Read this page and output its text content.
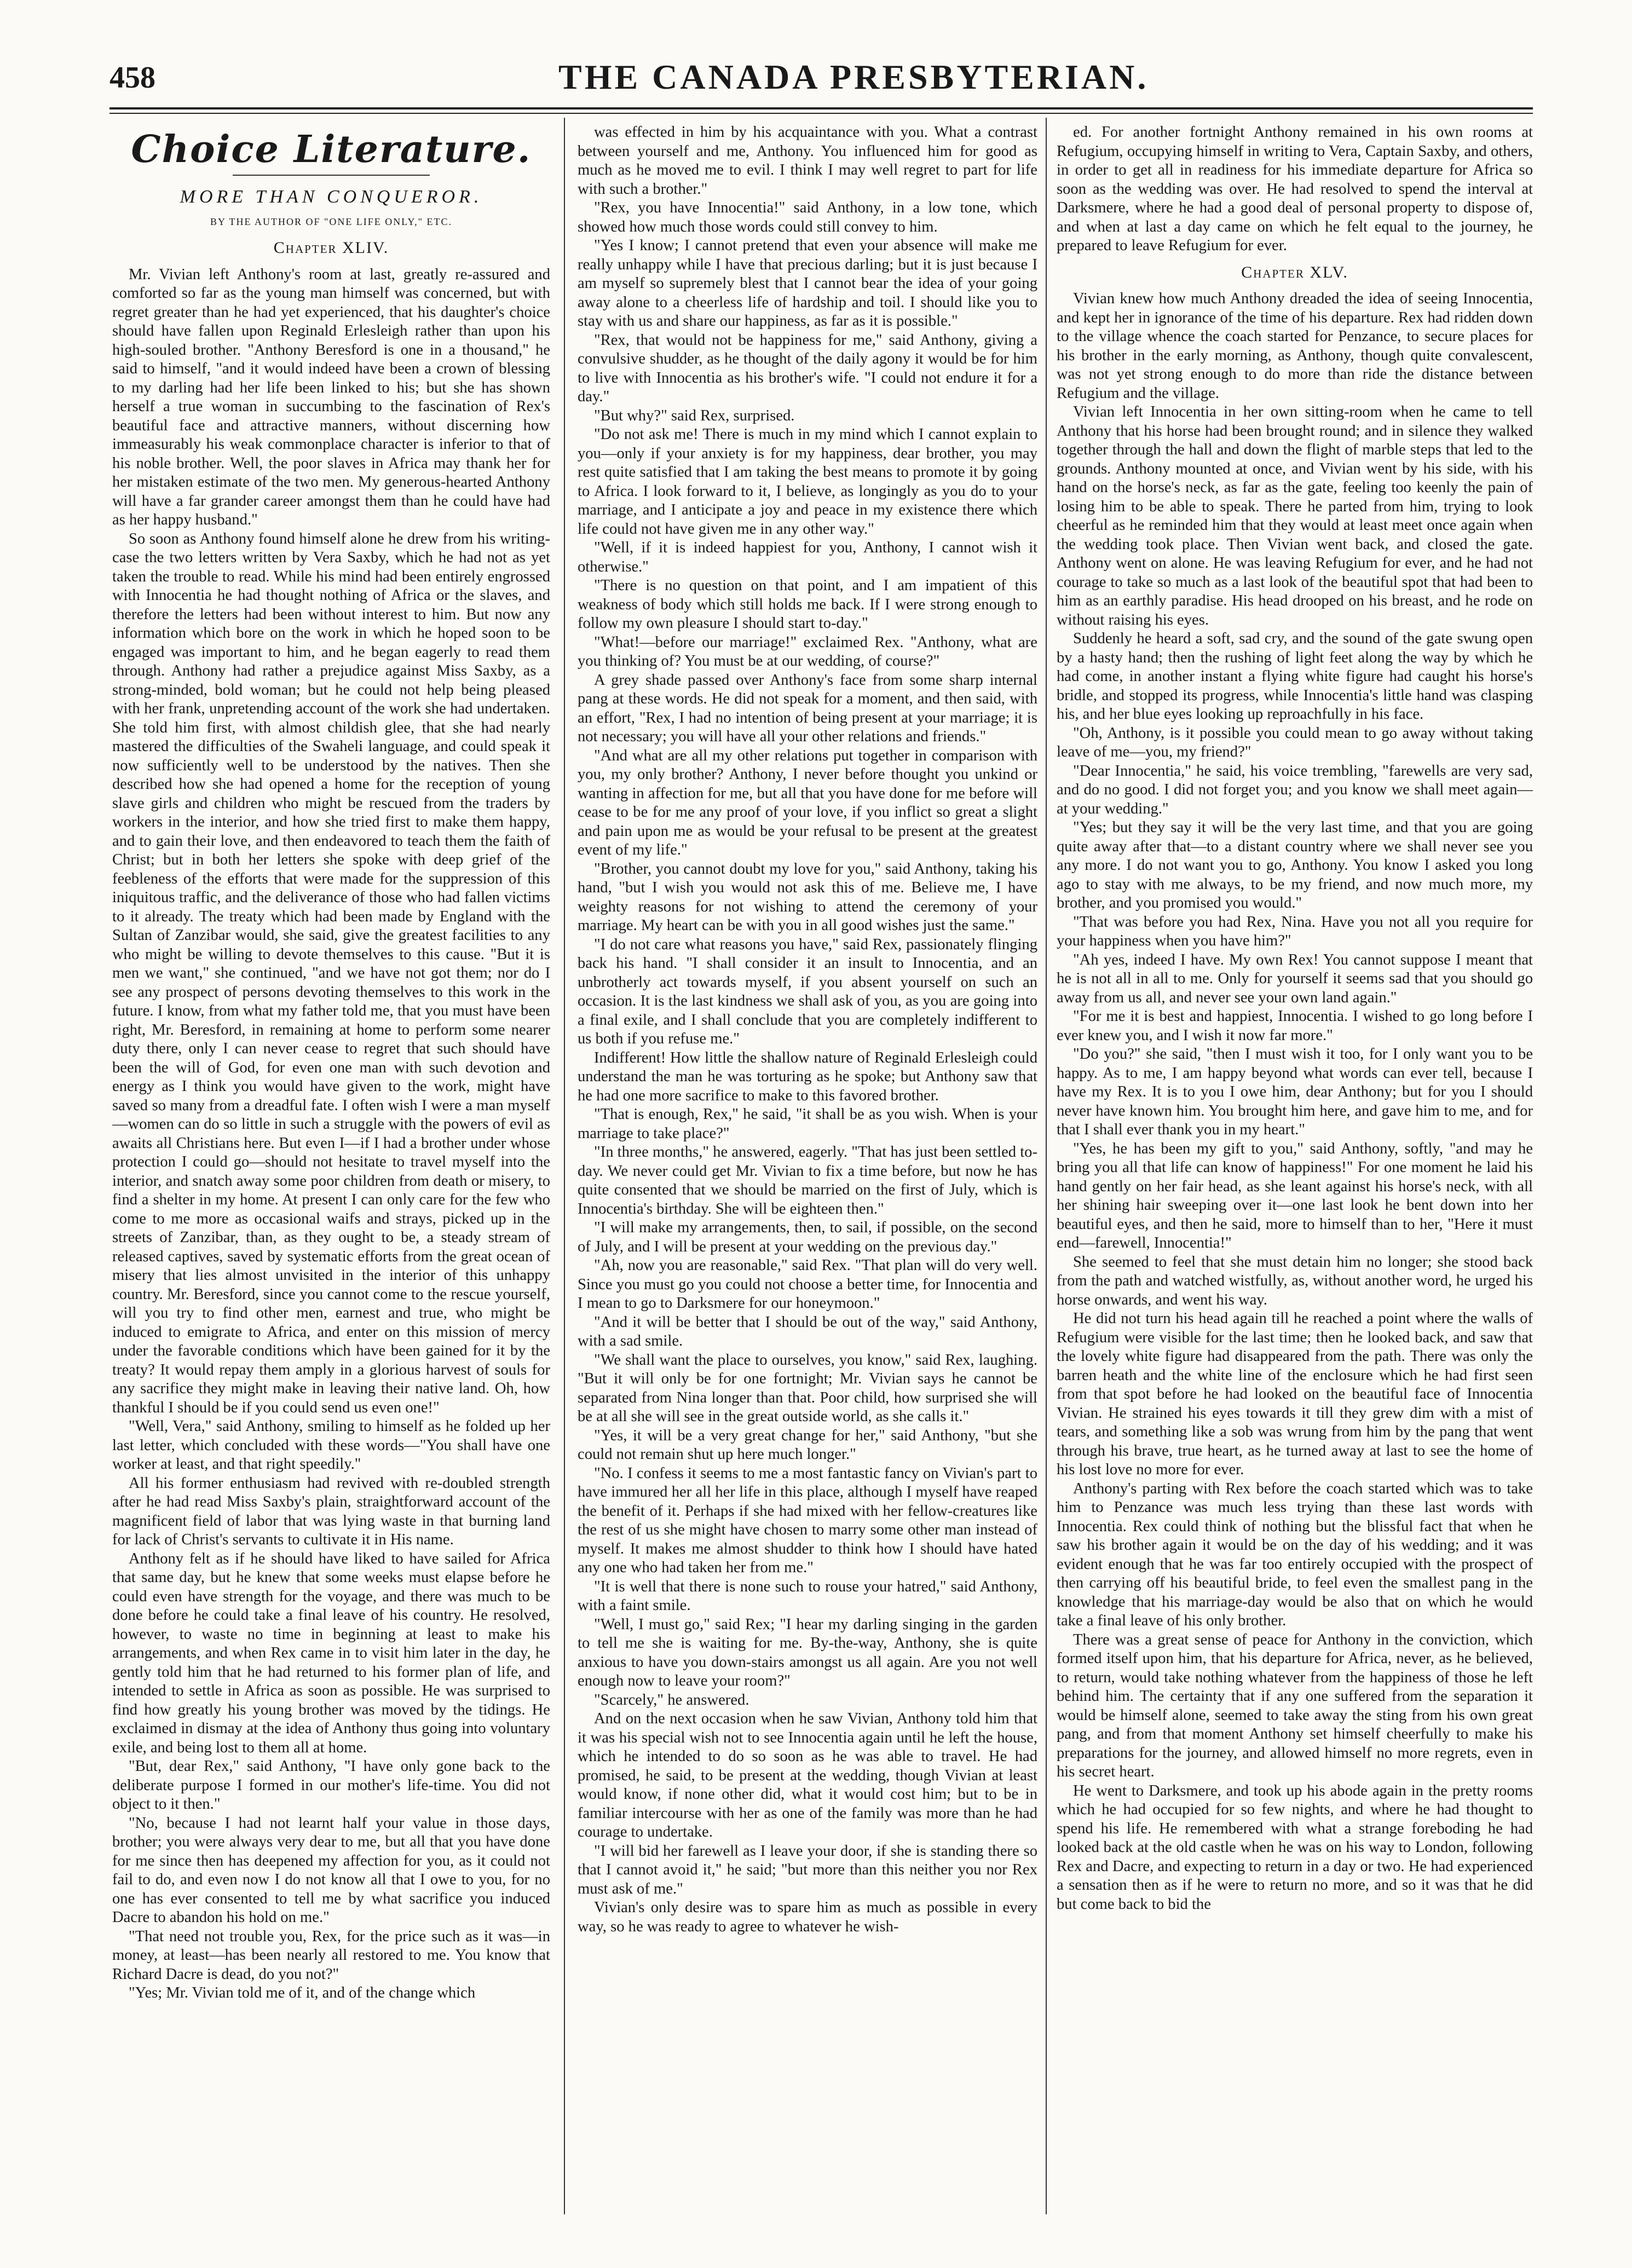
458	THE CANADA PRESBYTERIAN.
Choice Literature.
MORE THAN CONQUEROR.
BY THE AUTHOR OF "ONE LIFE ONLY," ETC.
Chapter XLIV.

Mr. Vivian left Anthony's room at last, greatly re-assured and comforted so far as the young man himself was concerned, but with regret greater than he had yet experienced, that his daughter's choice should have fallen upon Reginald Erlesleigh rather than upon his high-souled brother. "Anthony Beresford is one in a thousand," he said to himself, "and it would indeed have been a crown of blessing to my darling had her life been linked to his; but she has shown herself a true woman in succumbing to the fascination of Rex's beautiful face and attractive manners, without discerning how immeasurably his weak commonplace character is inferior to that of his noble brother. Well, the poor slaves in Africa may thank her for her mistaken estimate of the two men. My generous-hearted Anthony will have a far grander career amongst them than he could have had as her happy husband."

So soon as Anthony found himself alone he drew from his writing-case the two letters written by Vera Saxby, which he had not as yet taken the trouble to read. While his mind had been entirely engrossed with Innocentia he had thought nothing of Africa or the slaves, and therefore the letters had been without interest to him. But now any information which bore on the work in which he hoped soon to be engaged was important to him, and he began eagerly to read them through. Anthony had rather a prejudice against Miss Saxby, as a strong-minded, bold woman; but he could not help being pleased with her frank, unpretending account of the work she had undertaken. She told him first, with almost childish glee, that she had nearly mastered the difficulties of the Swaheli language, and could speak it now sufficiently well to be understood by the natives. Then she described how she had opened a home for the reception of young slave girls and children who might be rescued from the traders by workers in the interior, and how she tried first to make them happy, and to gain their love, and then endeavored to teach them the faith of Christ; but in both her letters she spoke with deep grief of the feebleness of the efforts that were made for the suppression of this iniquitous traffic, and the deliverance of those who had fallen victims to it already. The treaty which had been made by England with the Sultan of Zanzibar would, she said, give the greatest facilities to any who might be willing to devote themselves to this cause. "But it is men we want," she continued, "and we have not got them; nor do I see any prospect of persons devoting themselves to this work in the future. I know, from what my father told me, that you must have been right, Mr. Beresford, in remaining at home to perform some nearer duty there, only I can never cease to regret that such should have been the will of God, for even one man with such devotion and energy as I think you would have given to the work, might have saved so many from a dreadful fate. I often wish I were a man myself—women can do so little in such a struggle with the powers of evil as awaits all Christians here. But even I—if I had a brother under whose protection I could go—should not hesitate to travel myself into the interior, and snatch away some poor children from death or misery, to find a shelter in my home. At present I can only care for the few who come to me more as occasional waifs and strays, picked up in the streets of Zanzibar, than, as they ought to be, a steady stream of released captives, saved by systematic efforts from the great ocean of misery that lies almost unvisited in the interior of this unhappy country. Mr. Beresford, since you cannot come to the rescue yourself, will you try to find other men, earnest and true, who might be induced to emigrate to Africa, and enter on this mission of mercy under the favorable conditions which have been gained for it by the treaty? It would repay them amply in a glorious harvest of souls for any sacrifice they might make in leaving their native land. Oh, how thankful I should be if you could send us even one!"

"Well, Vera," said Anthony, smiling to himself as he folded up her last letter, which concluded with these words—"You shall have one worker at least, and that right speedily."

All his former enthusiasm had revived with re-doubled strength after he had read Miss Saxby's plain, straightforward account of the magnificent field of labor that was lying waste in that burning land for lack of Christ's servants to cultivate it in His name.

Anthony felt as if he should have liked to have sailed for Africa that same day, but he knew that some weeks must elapse before he could even have strength for the voyage, and there was much to be done before he could take a final leave of his country. He resolved, however, to waste no time in beginning at least to make his arrangements, and when Rex came in to visit him later in the day, he gently told him that he had returned to his former plan of life, and intended to settle in Africa as soon as possible. He was surprised to find how greatly his young brother was moved by the tidings. He exclaimed in dismay at the idea of Anthony thus going into voluntary exile, and being lost to them all at home.

"But, dear Rex," said Anthony, "I have only gone back to the deliberate purpose I formed in our mother's life-time. You did not object to it then."

"No, because I had not learnt half your value in those days, brother; you were always very dear to me, but all that you have done for me since then has deepened my affection for you, as it could not fail to do, and even now I do not know all that I owe to you, for no one has ever consented to tell me by what sacrifice you induced Dacre to abandon his hold on me."

"That need not trouble you, Rex, for the price such as it was—in money, at least—has been nearly all restored to me. You know that Richard Dacre is dead, do you not?"

"Yes; Mr. Vivian told me of it, and of the change which

was effected in him by his acquaintance with you. What a contrast between yourself and me, Anthony. You influenced him for good as much as he moved me to evil. I think I may well regret to part for life with such a brother."

"Rex, you have Innocentia!" said Anthony, in a low tone, which showed how much those words could still convey to him.

"Yes I know; I cannot pretend that even your absence will make me really unhappy while I have that precious darling; but it is just because I am myself so supremely blest that I cannot bear the idea of your going away alone to a cheerless life of hardship and toil. I should like you to stay with us and share our happiness, as far as it is possible."

"Rex, that would not be happiness for me," said Anthony, giving a convulsive shudder, as he thought of the daily agony it would be for him to live with Innocentia as his brother's wife. "I could not endure it for a day."

"But why?" said Rex, surprised.

"Do not ask me! There is much in my mind which I cannot explain to you—only if your anxiety is for my happiness, dear brother, you may rest quite satisfied that I am taking the best means to promote it by going to Africa. I look forward to it, I believe, as longingly as you do to your marriage, and I anticipate a joy and peace in my existence there which life could not have given me in any other way."

"Well, if it is indeed happiest for you, Anthony, I cannot wish it otherwise."

"There is no question on that point, and I am impatient of this weakness of body which still holds me back. If I were strong enough to follow my own pleasure I should start to-day."

"What!—before our marriage!" exclaimed Rex. "Anthony, what are you thinking of? You must be at our wedding, of course?"

A grey shade passed over Anthony's face from some sharp internal pang at these words. He did not speak for a moment, and then said, with an effort, "Rex, I had no intention of being present at your marriage; it is not necessary; you will have all your other relations and friends."

"And what are all my other relations put together in comparison with you, my only brother? Anthony, I never before thought you unkind or wanting in affection for me, but all that you have done for me before will cease to be for me any proof of your love, if you inflict so great a slight and pain upon me as would be your refusal to be present at the greatest event of my life."

"Brother, you cannot doubt my love for you," said Anthony, taking his hand, "but I wish you would not ask this of me. Believe me, I have weighty reasons for not wishing to attend the ceremony of your marriage. My heart can be with you in all good wishes just the same."

"I do not care what reasons you have," said Rex, passionately flinging back his hand. "I shall consider it an insult to Innocentia, and an unbrotherly act towards myself, if you absent yourself on such an occasion. It is the last kindness we shall ask of you, as you are going into a final exile, and I shall conclude that you are completely indifferent to us both if you refuse me."

Indifferent! How little the shallow nature of Reginald Erlesleigh could understand the man he was torturing as he spoke; but Anthony saw that he had one more sacrifice to make to this favored brother.

"That is enough, Rex," he said, "it shall be as you wish. When is your marriage to take place?"

"In three months," he answered, eagerly. "That has just been settled to-day. We never could get Mr. Vivian to fix a time before, but now he has quite consented that we should be married on the first of July, which is Innocentia's birthday. She will be eighteen then."

"I will make my arrangements, then, to sail, if possible, on the second of July, and I will be present at your wedding on the previous day."

"Ah, now you are reasonable," said Rex. "That plan will do very well. Since you must go you could not choose a better time, for Innocentia and I mean to go to Darksmere for our honeymoon."

"And it will be better that I should be out of the way," said Anthony, with a sad smile.

"We shall want the place to ourselves, you know," said Rex, laughing. "But it will only be for one fortnight; Mr. Vivian says he cannot be separated from Nina longer than that. Poor child, how surprised she will be at all she will see in the great outside world, as she calls it."

"Yes, it will be a very great change for her," said Anthony, "but she could not remain shut up here much longer."

"No. I confess it seems to me a most fantastic fancy on Vivian's part to have immured her all her life in this place, although I myself have reaped the benefit of it. Perhaps if she had mixed with her fellow-creatures like the rest of us she might have chosen to marry some other man instead of myself. It makes me almost shudder to think how I should have hated any one who had taken her from me."

"It is well that there is none such to rouse your hatred," said Anthony, with a faint smile.

"Well, I must go," said Rex; "I hear my darling singing in the garden to tell me she is waiting for me. By-the-way, Anthony, she is quite anxious to have you down-stairs amongst us all again. Are you not well enough now to leave your room?"

"Scarcely," he answered.

And on the next occasion when he saw Vivian, Anthony told him that it was his special wish not to see Innocentia again until he left the house, which he intended to do so soon as he was able to travel. He had promised, he said, to be present at the wedding, though Vivian at least would know, if none other did, what it would cost him; but to be in familiar intercourse with her as one of the family was more than he had courage to undertake.

"I will bid her farewell as I leave your door, if she is standing there so that I cannot avoid it," he said; "but more than this neither you nor Rex must ask of me."

Vivian's only desire was to spare him as much as possible in every way, so he was ready to agree to whatever he wish-

ed. For another fortnight Anthony remained in his own rooms at Refugium, occupying himself in writing to Vera, Captain Saxby, and others, in order to get all in readiness for his immediate departure for Africa so soon as the wedding was over. He had resolved to spend the interval at Darksmere, where he had a good deal of personal property to dispose of, and when at last a day came on which he felt equal to the journey, he prepared to leave Refugium for ever.

Chapter XLV.

Vivian knew how much Anthony dreaded the idea of seeing Innocentia, and kept her in ignorance of the time of his departure. Rex had ridden down to the village whence the coach started for Penzance, to secure places for his brother in the early morning, as Anthony, though quite convalescent, was not yet strong enough to do more than ride the distance between Refugium and the village.

Vivian left Innocentia in her own sitting-room when he came to tell Anthony that his horse had been brought round; and in silence they walked together through the hall and down the flight of marble steps that led to the grounds. Anthony mounted at once, and Vivian went by his side, with his hand on the horse's neck, as far as the gate, feeling too keenly the pain of losing him to be able to speak. There he parted from him, trying to look cheerful as he reminded him that they would at least meet once again when the wedding took place. Then Vivian went back, and closed the gate. Anthony went on alone. He was leaving Refugium for ever, and he had not courage to take so much as a last look of the beautiful spot that had been to him as an earthly paradise. His head drooped on his breast, and he rode on without raising his eyes.

Suddenly he heard a soft, sad cry, and the sound of the gate swung open by a hasty hand; then the rushing of light feet along the way by which he had come, in another instant a flying white figure had caught his horse's bridle, and stopped its progress, while Innocentia's little hand was clasping his, and her blue eyes looking up reproachfully in his face.

"Oh, Anthony, is it possible you could mean to go away without taking leave of me—you, my friend?"

"Dear Innocentia," he said, his voice trembling, "farewells are very sad, and do no good. I did not forget you; and you know we shall meet again—at your wedding."

"Yes; but they say it will be the very last time, and that you are going quite away after that—to a distant country where we shall never see you any more. I do not want you to go, Anthony. You know I asked you long ago to stay with me always, to be my friend, and now much more, my brother, and you promised you would."

"That was before you had Rex, Nina. Have you not all you require for your happiness when you have him?"

"Ah yes, indeed I have. My own Rex! You cannot suppose I meant that he is not all in all to me. Only for yourself it seems sad that you should go away from us all, and never see your own land again."

"For me it is best and happiest, Innocentia. I wished to go long before I ever knew you, and I wish it now far more."

"Do you?" she said, "then I must wish it too, for I only want you to be happy. As to me, I am happy beyond what words can ever tell, because I have my Rex. It is to you I owe him, dear Anthony; but for you I should never have known him. You brought him here, and gave him to me, and for that I shall ever thank you in my heart."

"Yes, he has been my gift to you," said Anthony, softly, "and may he bring you all that life can know of happiness!" For one moment he laid his hand gently on her fair head, as she leant against his horse's neck, with all her shining hair sweeping over it—one last look he bent down into her beautiful eyes, and then he said, more to himself than to her, "Here it must end—farewell, Innocentia!"

She seemed to feel that she must detain him no longer; she stood back from the path and watched wistfully, as, without another word, he urged his horse onwards, and went his way.

He did not turn his head again till he reached a point where the walls of Refugium were visible for the last time; then he looked back, and saw that the lovely white figure had disappeared from the path. There was only the barren heath and the white line of the enclosure which he had first seen from that spot before he had looked on the beautiful face of Innocentia Vivian. He strained his eyes towards it till they grew dim with a mist of tears, and something like a sob was wrung from him by the pang that went through his brave, true heart, as he turned away at last to see the home of his lost love no more for ever.

Anthony's parting with Rex before the coach started which was to take him to Penzance was much less trying than these last words with Innocentia. Rex could think of nothing but the blissful fact that when he saw his brother again it would be on the day of his wedding; and it was evident enough that he was far too entirely occupied with the prospect of then carrying off his beautiful bride, to feel even the smallest pang in the knowledge that his marriage-day would be also that on which he would take a final leave of his only brother.

There was a great sense of peace for Anthony in the conviction, which formed itself upon him, that his departure for Africa, never, as he believed, to return, would take nothing whatever from the happiness of those he left behind him. The certainty that if any one suffered from the separation it would be himself alone, seemed to take away the sting from his own great pang, and from that moment Anthony set himself cheerfully to make his preparations for the journey, and allowed himself no more regrets, even in his secret heart.

He went to Darksmere, and took up his abode again in the pretty rooms which he had occupied for so few nights, and where he had thought to spend his life. He remembered with what a strange foreboding he had looked back at the old castle when he was on his way to London, following Rex and Dacre, and expecting to return in a day or two. He had experienced a sensation then as if he were to return no more, and so it was that he did but come back to bid the
